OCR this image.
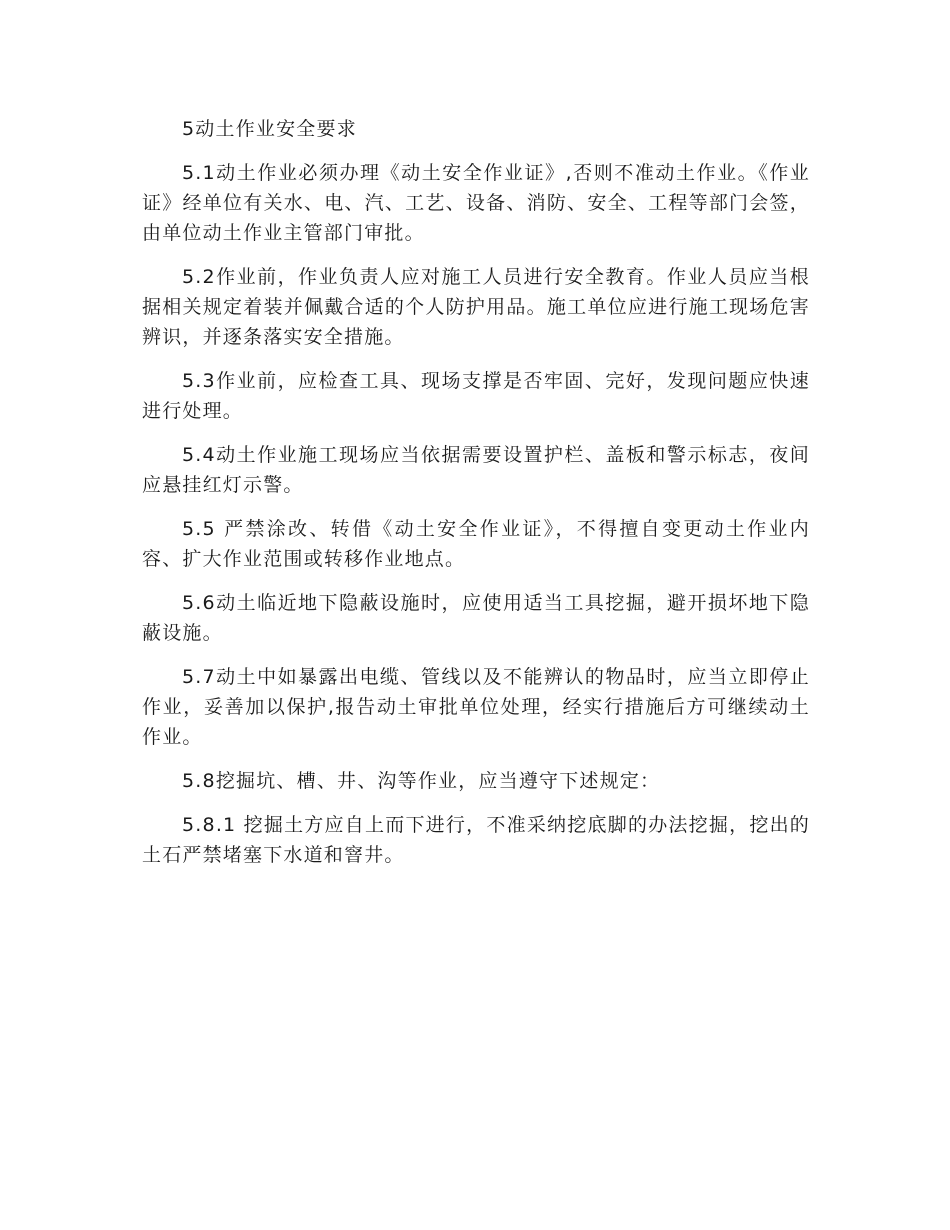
5动土作业安全要求

5.1动土作业必须办理《动土安全作业证》,否则不准动土作业。《作业证》经单位有关水、电、汽、工艺、设备、消防、安全、工程等部门会签，由单位动土作业主管部门审批。

5.2作业前，作业负责人应对施工人员进行安全教育。作业人员应当根据相关规定着装并佩戴合适的个人防护用品。施工单位应进行施工现场危害辨识，并逐条落实安全措施。

5.3作业前，应检查工具、现场支撑是否牢固、完好，发现问题应快速进行处理。

5.4动土作业施工现场应当依据需要设置护栏、盖板和警示标志，夜间应悬挂红灯示警。

5.5 严禁涂改、转借《动土安全作业证》，不得擅自变更动土作业内容、扩大作业范围或转移作业地点。

5.6动土临近地下隐蔽设施时，应使用适当工具挖掘，避开损坏地下隐蔽设施。

5.7动土中如暴露出电缆、管线以及不能辨认的物品时，应当立即停止作业，妥善加以保护,报告动土审批单位处理，经实行措施后方可继续动土作业。

5.8挖掘坑、槽、井、沟等作业，应当遵守下述规定：

5.8.1 挖掘土方应自上而下进行，不准采纳挖底脚的办法挖掘，挖出的土石严禁堵塞下水道和窨井。
